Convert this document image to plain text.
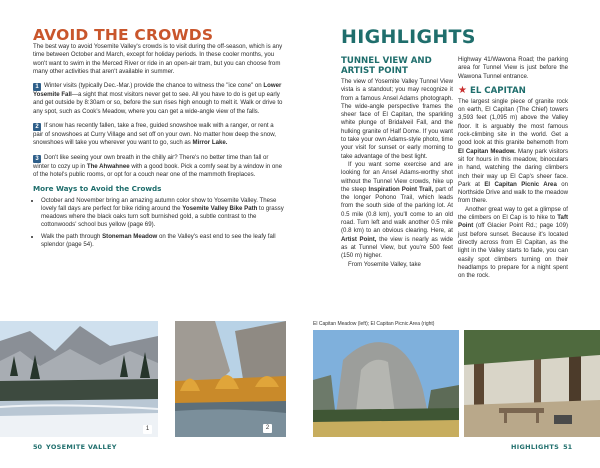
AVOID THE CROWDS

The best way to avoid Yosemite Valley's crowds is to visit during the off-season, which is any time between October and March, except for holiday periods. In these cooler months, you won't want to swim in the Merced River or ride in an open-air tram, but you can choose from many other activities that aren't available in summer.

1 Winter visits (typically Dec.-Mar.) provide the chance to witness the "ice cone" on Lower Yosemite Fall—a sight that most visitors never get to see. All you have to do is get up early and get outside by 8:30am or so, before the sun rises high enough to melt it. Walk or drive to any spot, such as Cook's Meadow, where you can get a wide-angle view of the falls.

2 If snow has recently fallen, take a free, guided snowshoe walk with a ranger, or rent a pair of snowshoes at Curry Village and set off on your own. No matter how deep the snow, snowshoes will take you wherever you want to go, such as Mirror Lake.

3 Don't like seeing your own breath in the chilly air? There's no better time than fall or winter to cozy up in The Ahwahnee with a good book. Pick a comfy seat by a window in one of the hotel's public rooms, or opt for a couch near one of the mammoth fireplaces.

More Ways to Avoid the Crowds
• October and November bring an amazing autumn color show to Yosemite Valley. These lovely fall days are perfect for bike riding around the Yosemite Valley Bike Path to grassy meadows where the black oaks turn soft burnished gold, a subtle contrast to the cottonwoods' school bus yellow (page 69).
• Walk the path through Stoneman Meadow on the Valley's east end to see the leafy fall splendor (page 54).
1	2
50 YOSEMITE VALLEY
HIGHLIGHTS
TUNNEL VIEW AND ARTIST POINT

The view of Yosemite Valley Tunnel View vista is a standout; you may recognize it from a famous Ansel Adams photograph. The wide-angle perspective frames the sheer face of El Capitan, the sparkling white plunge of Bridalveil Fall, and the hulking granite of Half Dome. If you want to take your own Adams-style photo, time your visit for sunset or early morning to take advantage of the best light.

If you want some exercise and are looking for an Ansel Adams-worthy shot without the Tunnel View crowds, hike up the steep Inspiration Point Trail, part of the longer Pohono Trail, which leads from the south side of the parking lot. At 0.5 mile (0.8 km), you'll come to an old road. Turn left and walk another 0.5 mile (0.8 km) to an obvious clearing. Here, at Artist Point, the view is nearly as wide as at Tunnel View, but you're 500 feet (150 m) higher.

From Yosemite Valley, take

Highway 41/Wawona Road; the parking area for Tunnel View is just before the Wawona Tunnel entrance.

★ EL CAPITAN

The largest single piece of granite rock on earth, El Capitan (The Chief) towers 3,593 feet (1,095 m) above the Valley floor. It is arguably the most famous rock-climbing site in the world. Get a good look at this granite behemoth from El Capitan Meadow. Many park visitors sit for hours in this meadow, binoculars in hand, watching the daring climbers inch their way up El Cap's sheer face. Park at El Capitan Picnic Area on Northside Drive and walk to the meadow from there.

Another great way to get a glimpse of the climbers on El Cap is to hike to Taft Point (off Glacier Point Rd.; page 109) just before sunset. Because it's located directly across from El Capitan, as the light in the Valley starts to fade, you can easily spot climbers turning on their headlamps to prepare for a night spent on the rock.

El Capitan Meadow (left); El Capitan Picnic Area (right)
HIGHLIGHTS 51
